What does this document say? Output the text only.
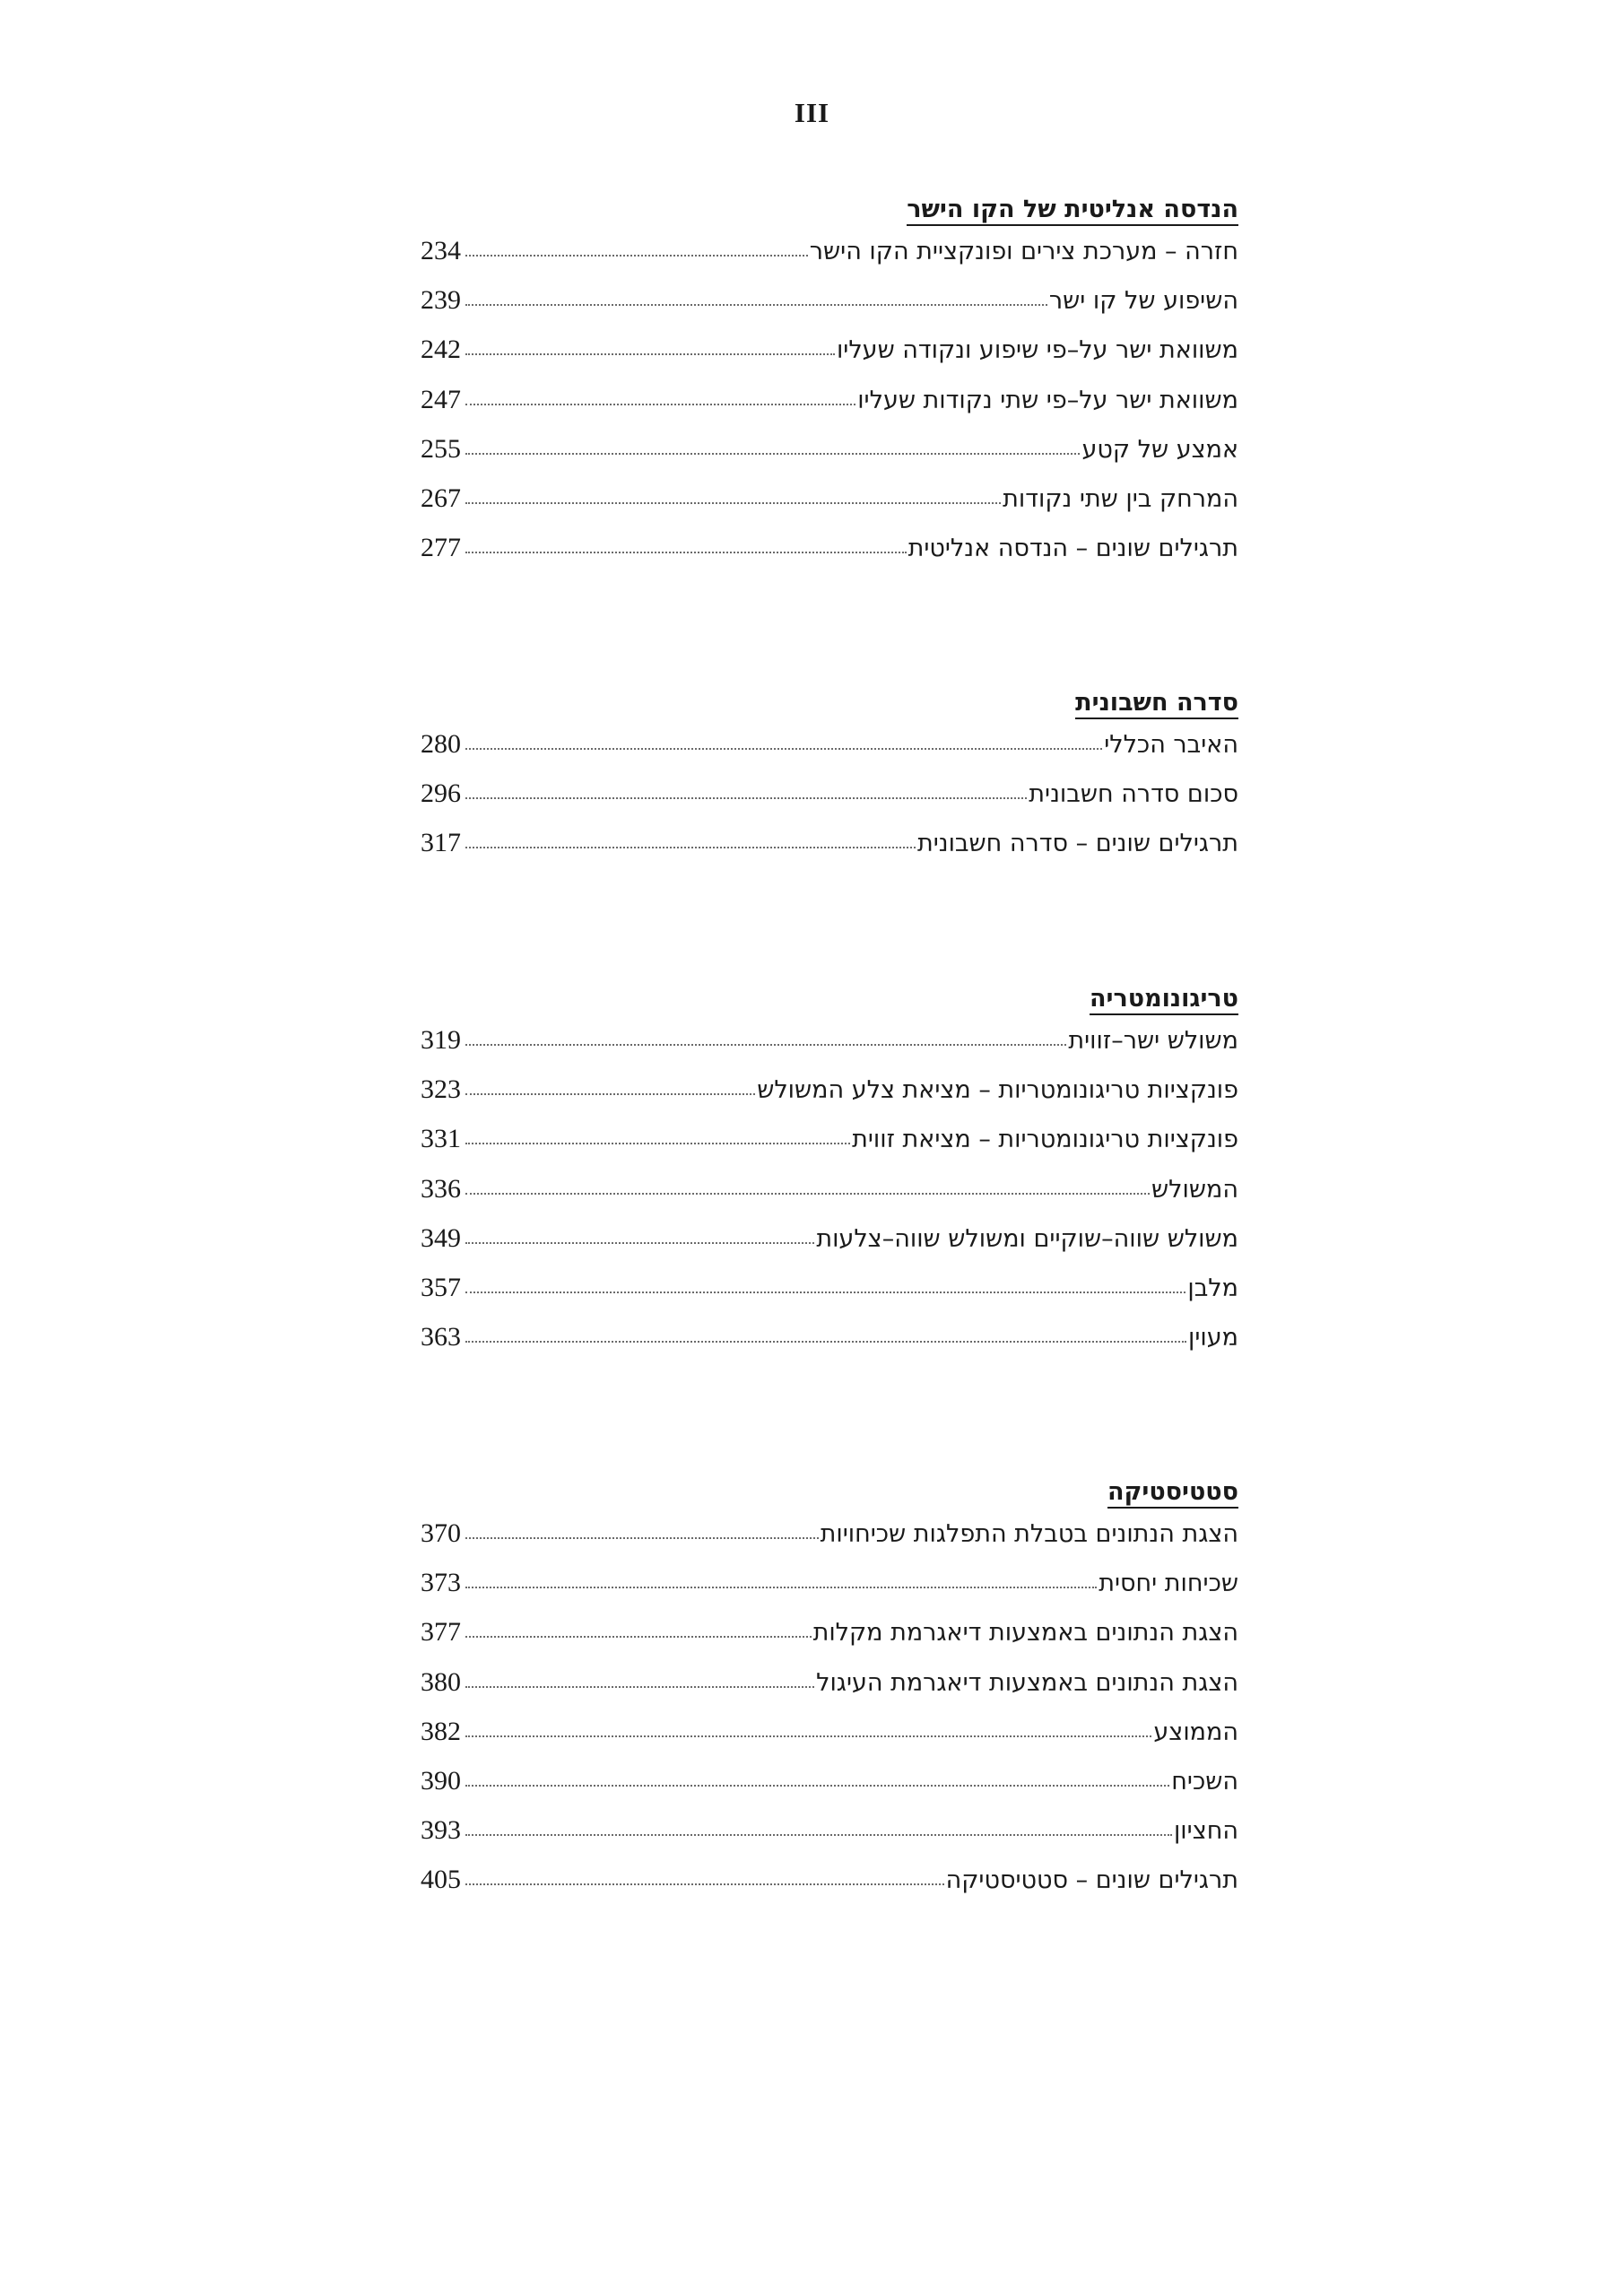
III
הנדסה אנליטית של הקו הישר
חזרה – מערכת צירים ופונקציית הקו הישר
234
השיפוע של קו ישר
239
משוואת ישר על–פי שיפוע ונקודה שעליו
242
משוואת ישר על–פי שתי נקודות שעליו
247
אמצע של קטע
255
המרחק בין שתי נקודות
267
תרגילים שונים – הנדסה אנליטית
277
סדרה חשבונית
האיבר הכללי
280
סכום סדרה חשבונית
296
תרגילים שונים – סדרה חשבונית
317
טריגונומטריה
משולש ישר–זווית
319
פונקציות טריגונומטריות – מציאת צלע המשולש
323
פונקציות טריגונומטריות – מציאת זווית
331
המשולש
336
משולש שווה–שוקיים ומשולש שווה–צלעות
349
מלבן
357
מעוין
363
סטטיסטיקה
הצגת הנתונים בטבלת התפלגות שכיחויות
370
שכיחות יחסית
373
הצגת הנתונים באמצעות דיאגרמת מקלות
377
הצגת הנתונים באמצעות דיאגרמת העיגול
380
הממוצע
382
השכיח
390
החציון
393
תרגילים שונים – סטטיסטיקה
405
